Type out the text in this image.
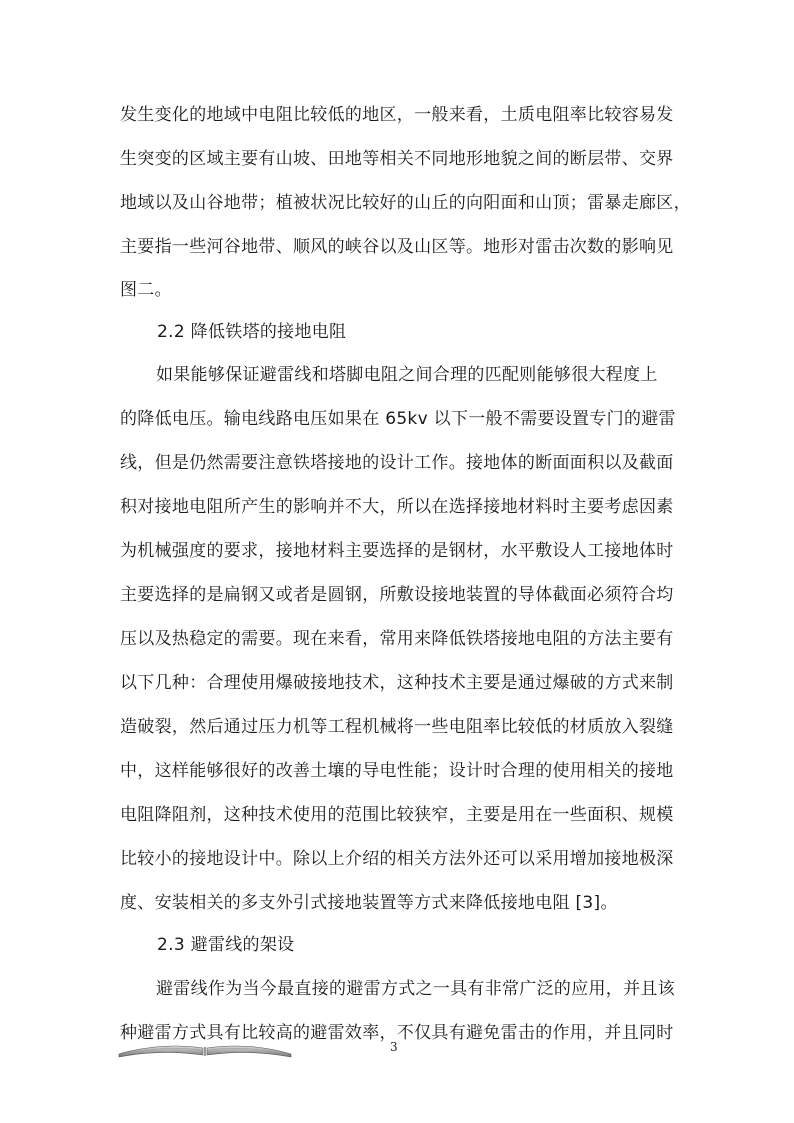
发生变化的地域中电阻比较低的地区，一般来看，土质电阻率比较容易发
生突变的区域主要有山坡、田地等相关不同地形地貌之间的断层带、交界
地域以及山谷地带；植被状况比较好的山丘的向阳面和山顶；雷暴走廊区，
主要指一些河谷地带、顺风的峡谷以及山区等。地形对雷击次数的影响见
图二。
2.2 降低铁塔的接地电阻
如果能够保证避雷线和塔脚电阻之间合理的匹配则能够很大程度上
的降低电压。输电线路电压如果在 65kv 以下一般不需要设置专门的避雷
线，但是仍然需要注意铁塔接地的设计工作。接地体的断面面积以及截面
积对接地电阻所产生的影响并不大，所以在选择接地材料时主要考虑因素
为机械强度的要求，接地材料主要选择的是钢材，水平敷设人工接地体时
主要选择的是扁钢又或者是圆钢，所敷设接地装置的导体截面必须符合均
压以及热稳定的需要。现在来看，常用来降低铁塔接地电阻的方法主要有
以下几种：合理使用爆破接地技术，这种技术主要是通过爆破的方式来制
造破裂，然后通过压力机等工程机械将一些电阻率比较低的材质放入裂缝
中，这样能够很好的改善土壤的导电性能；设计时合理的使用相关的接地
电阻降阻剂，这种技术使用的范围比较狭窄，主要是用在一些面积、规模
比较小的接地设计中。除以上介绍的相关方法外还可以采用增加接地极深
度、安装相关的多支外引式接地装置等方式来降低接地电阻 [3]。
2.3 避雷线的架设
避雷线作为当今最直接的避雷方式之一具有非常广泛的应用，并且该
种避雷方式具有比较高的避雷效率，不仅具有避免雷击的作用，并且同时
3
